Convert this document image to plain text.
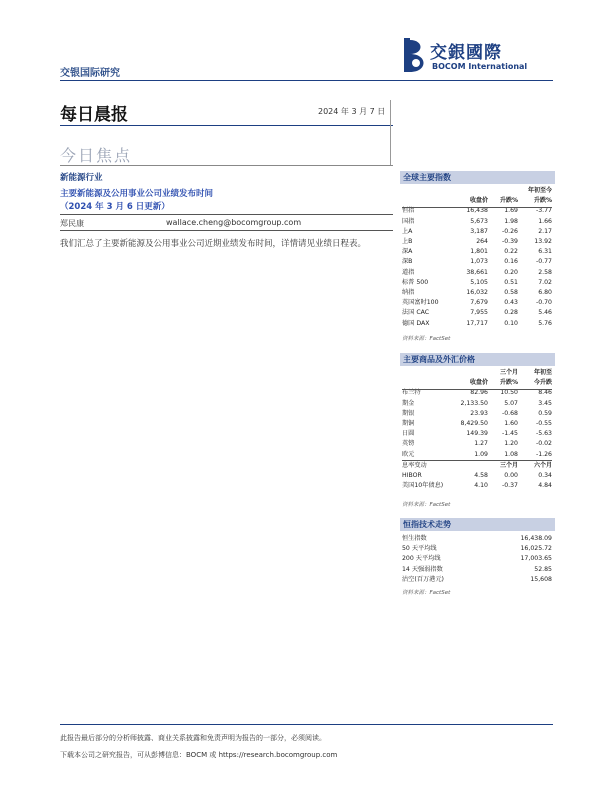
交银国际研究
交銀國際
BOCOM International
每日晨报	2024 年 3 月 7 日
今日焦点
新能源行业
主要新能源及公用事业公司业绩发布时间
（2024 年 3 月 6 日更新）
郑民康	wallace.cheng@bocomgroup.com
我们汇总了主要新能源及公用事业公司近期业绩发布时间，详情请见业绩日程表。
全球主要指数
			年初至今
	收盘价	升跌%	升跌%
恒指	16,438	1.69	-3.77
国指	5,673	1.98	1.66
上A	3,187	-0.26	2.17
上B	264	-0.39	13.92
深A	1,801	0.22	6.31
深B	1,073	0.16	-0.77
道指	38,661	0.20	2.58
标普 500	5,105	0.51	7.02
纳指	16,032	0.58	6.80
英国富时100	7,679	0.43	-0.70
法国 CAC	7,955	0.28	5.46
德国 DAX	17,717	0.10	5.76
资料来源：FactSet
主要商品及外汇价格
		三个月	年初至
	收盘价	升跌%	今升跌
布兰特	82.96	10.50	8.46
期金	2,133.50	5.07	3.45
期银	23.93	-0.68	0.59
期铜	8,429.50	1.60	-0.55
日圆	149.39	-1.45	-5.63
英镑	1.27	1.20	-0.02
欧元	1.09	1.08	-1.26
息率变动		三个月	六个月
HIBOR	4.58	0.00	0.34
美国10年债息)	4.10	-0.37	4.84
资料来源：FactSet
恒指技术走势
恒生指数	16,438.09
50 天平均线	16,025.72
200 天平均线	17,003.65
14 天强弱指数	52.85
沽空(百万港元)	15,608
资料来源：FactSet
此报告最后部分的分析师披露、商业关系披露和免责声明为报告的一部分，必须阅读。
下载本公司之研究报告，可从彭博信息：BOCM 或 https://research.bocomgroup.com
